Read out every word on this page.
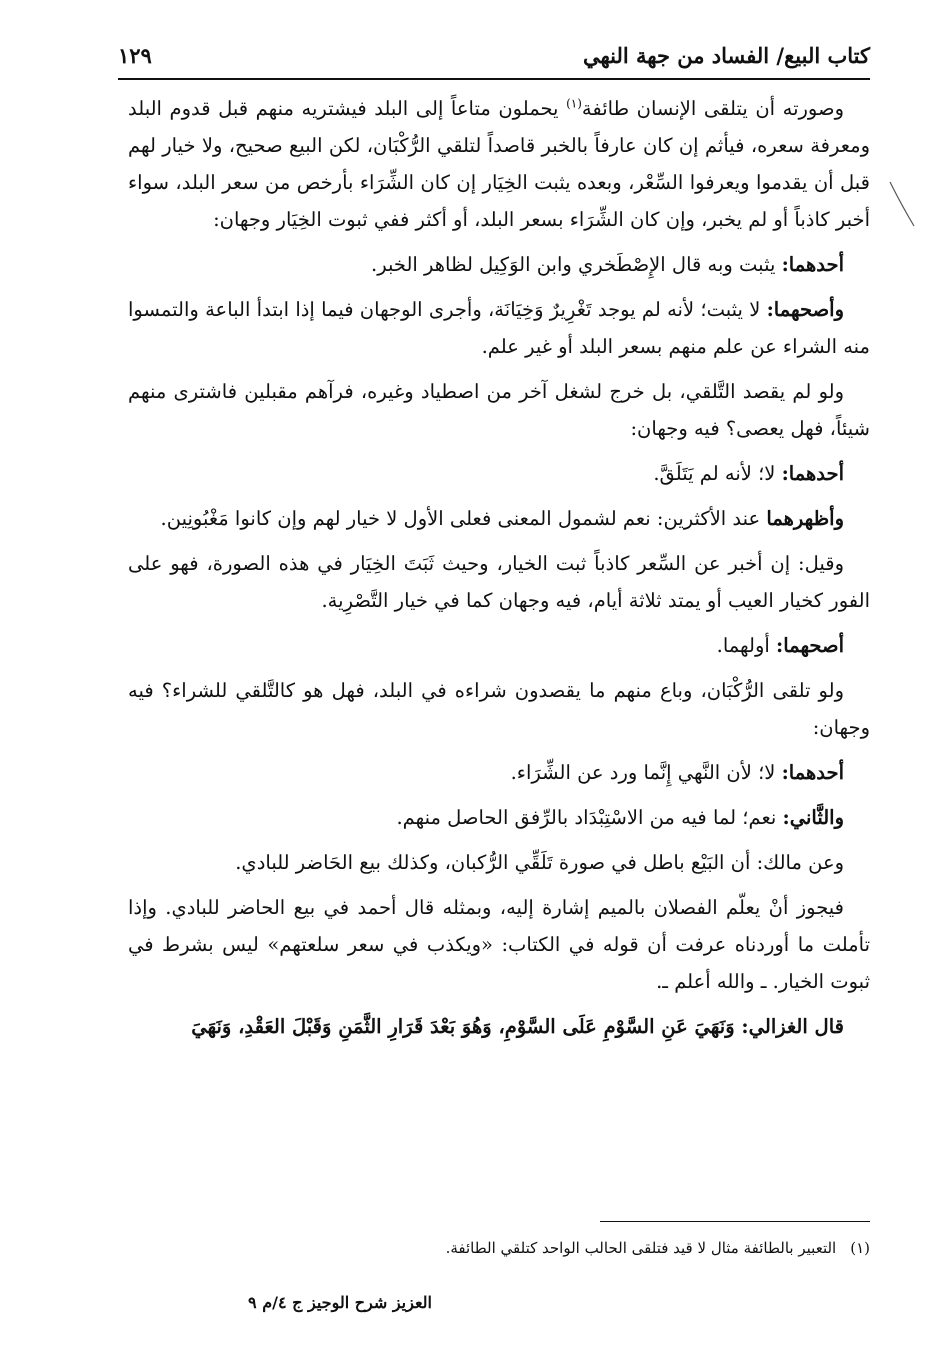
كتاب البيع/ الفساد من جهة النهي
١٢٩

وصورته أن يتلقى الإنسان طائفة$^{(١)}$ يحملون متاعاً إلى البلد فيشتريه منهم قبل قدوم البلد ومعرفة سعره، فيأثم إن كان عارفاً بالخبر قاصداً لتلقي الرُّكْبَان، لكن البيع صحيح، ولا خيار لهم قبل أن يقدموا ويعرفوا السِّعْر، وبعده يثبت الخِيَار إن كان الشِّرَاء بأرخص من سعر البلد، سواء أخبر كاذباً أو لم يخبر، وإن كان الشِّرَاء بسعر البلد، أو أكثر ففي ثبوت الخِيَار وجهان:

أحدهما: يثبت وبه قال الإِصْطَخري وابن الوَكِيل لظاهر الخبر.

وأصحهما: لا يثبت؛ لأنه لم يوجد تَغْرِيرٌ وَخِيَانَة، وأجرى الوجهان فيما إذا ابتدأ الباعة والتمسوا منه الشراء عن علم منهم بسعر البلد أو غير علم.

ولو لم يقصد التَّلقي، بل خرج لشغل آخر من اصطياد وغيره، فرآهم مقبلين فاشترى منهم شيئاً، فهل يعصى؟ فيه وجهان:

أحدهما: لا؛ لأنه لم يَتَلَقَّ.

وأظهرهما عند الأكثرين: نعم لشمول المعنى فعلى الأول لا خيار لهم وإن كانوا مَغْبُونِين.

وقيل: إن أخبر عن السِّعر كاذباً ثبت الخيار، وحيث ثَبَتَ الخِيَار في هذه الصورة، فهو على الفور كخيار العيب أو يمتد ثلاثة أيام، فيه وجهان كما في خيار التَّصْرِية.

أصحهما: أولهما.

ولو تلقى الرُّكْبَان، وباع منهم ما يقصدون شراءه في البلد، فهل هو كالتَّلقي للشراء؟ فيه وجهان:

أحدهما: لا؛ لأن النَّهي إِنَّما ورد عن الشِّرَاء.

والثَّاني: نعم؛ لما فيه من الاسْتِبْدَاد بالرِّفق الحاصل منهم.

وعن مالك: أن البَيْع باطل في صورة تَلَقِّي الرُّكبان، وكذلك بيع الحَاضر للبادي.

فيجوز أنْ يعلّم الفصلان بالميم إشارة إليه، وبمثله قال أحمد في بيع الحاضر للبادي. وإذا تأملت ما أوردناه عرفت أن قوله في الكتاب: «ويكذب في سعر سلعتهم» ليس بشرط في ثبوت الخيار. ـ والله أعلم ـ.

قال الغزالي: وَنَهَيَ عَنِ السَّوْمِ عَلَى السَّوْمِ، وَهُوَ بَعْدَ قَرَارِ الثَّمَنِ وَقَبْلَ العَقْدِ، وَنَهَيَ

(١)التعبير بالطائفة مثال لا قيد فتلقى الحالب الواحد كتلقي الطائفة.
العزيز شرح الوجيز ج ٤/م ٩
